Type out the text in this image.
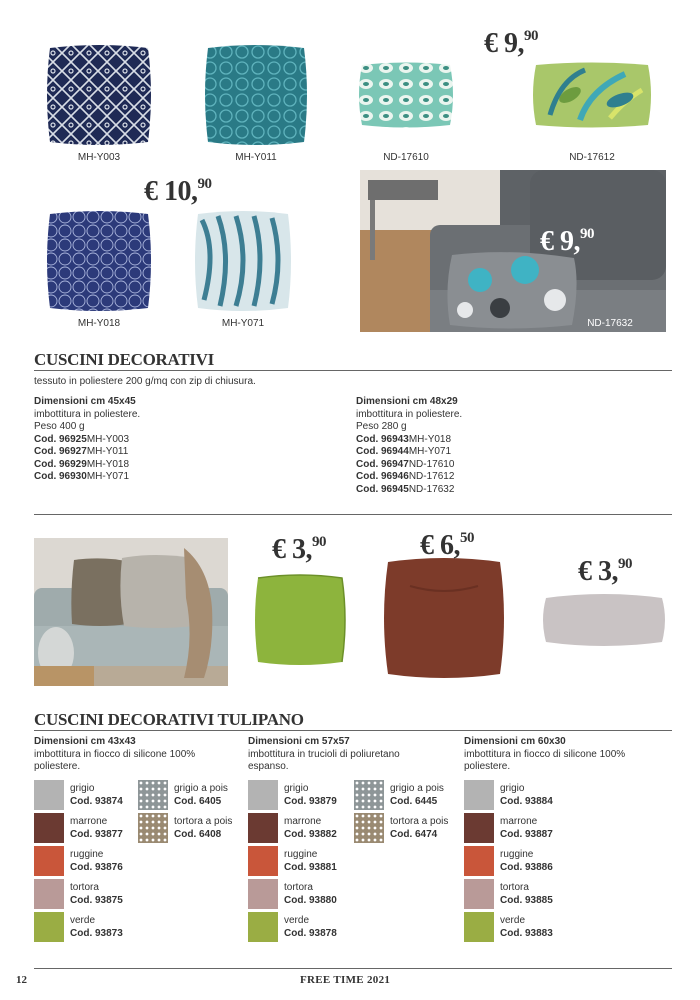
MH-Y003	MH-Y011	ND-17610	ND-17612
€ 9,90
€ 10,90
MH-Y018	MH-Y071	ND-17632
€ 9,90
CUSCINI DECORATIVI
tessuto in poliestere 200 g/mq con zip di chiusura.
Dimensioni cm 45x45
imbottitura in poliestere.
Peso 400 g
Cod. 96925MH-Y003
Cod. 96927MH-Y011
Cod. 96929MH-Y018
Cod. 96930MH-Y071
Dimensioni cm 48x29
imbottitura in poliestere.
Peso 280 g
Cod. 96943MH-Y018
Cod. 96944MH-Y071
Cod. 96947ND-17610
Cod. 96946ND-17612
Cod. 96945ND-17632
€ 3,90	€ 6,50
€ 3,90
CUSCINI DECORATIVI TULIPANO
Dimensioni cm 43x43
imbottitura in fiocco di silicone 100%
poliestere.
Dimensioni cm 57x57
imbottitura in trucioli di poliuretano
espanso.
Dimensioni cm 60x30
imbottitura in fiocco di silicone 100%
poliestere.
grigio
Cod. 93874
marrone
Cod. 93877
ruggine
Cod. 93876
tortora
Cod. 93875
verde
Cod. 93873
grigio a pois
Cod. 6405
tortora a pois
Cod. 6408
grigio
Cod. 93879
marrone
Cod. 93882
ruggine
Cod. 93881
tortora
Cod. 93880
verde
Cod. 93878
grigio a pois
Cod. 6445
tortora a pois
Cod. 6474
grigio
Cod. 93884
marrone
Cod. 93887
ruggine
Cod. 93886
tortora
Cod. 93885
verde
Cod. 93883
12	FREE TIME 2021
